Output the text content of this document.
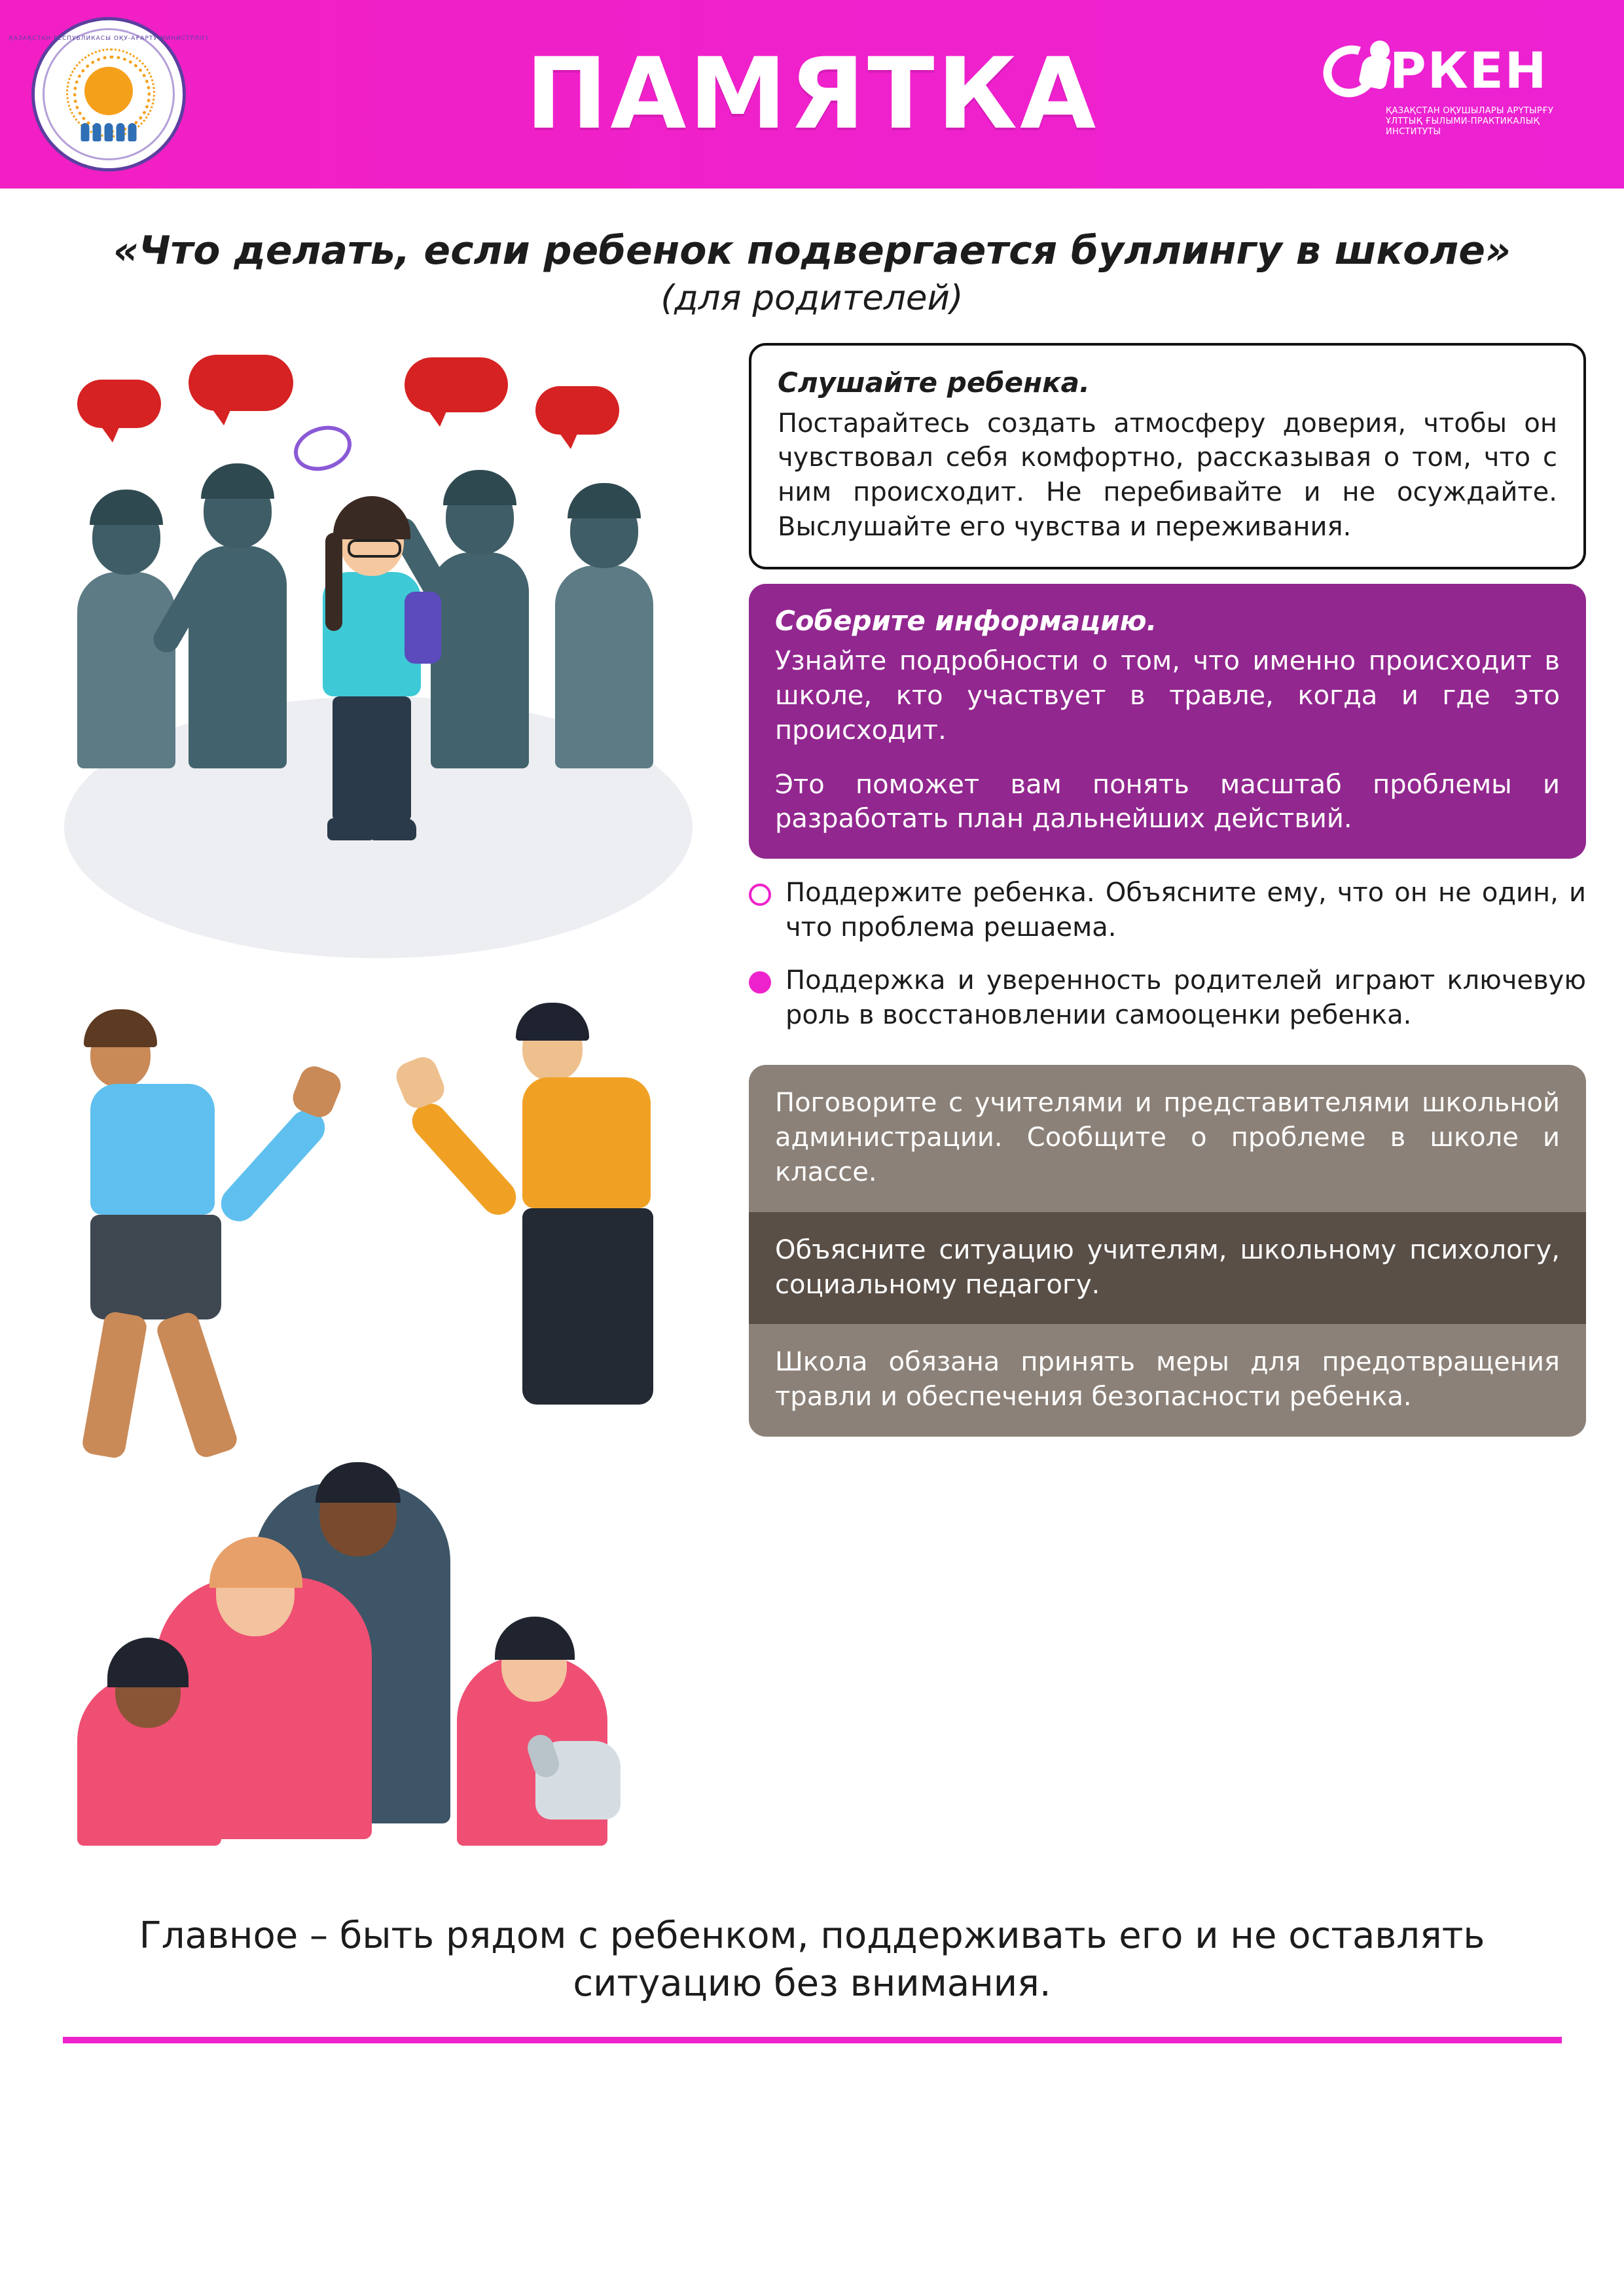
ҚАЗАҚСТАН РЕСПУБЛИКАСЫ ОҚУ-АҒАРТУ МИНИСТРЛІГІ	ПАМЯТКА	РКЕН
ҚАЗАҚСТАН ОҚУШЫЛАРЫ АРҮТЫРҒУ ҰЛТТЫҚ ҒЫЛЫМИ-ПРАКТИКАЛЫҚ ИНСТИТУТЫ
«Что делать, если ребенок подвергается буллингу в школе»
(для родителей)

Слушайте ребенка.

Постарайтесь создать атмосферу доверия, чтобы он чувствовал себя комфортно, рассказывая о том, что с ним происходит. Не перебивайте и не осуждайте. Выслушайте его чувства и переживания.

Соберите информацию.

Узнайте подробности о том, что именно происходит в школе, кто участвует в травле, когда и где это происходит.

Это поможет вам понять масштаб проблемы и разработать план дальнейших действий.

Поддержите ребенка. Объясните ему, что он не один, и что проблема решаема.
Поддержка и уверенность родителей играют ключевую роль в восстановлении самооценки ребенка.

Поговорите с учителями и представителями школьной администрации. Сообщите о проблеме в школе и классе.

Объясните ситуацию учителям, школьному психологу, социальному педагогу.

Школа обязана принять меры для предотвращения травли и обеспечения безопасности ребенка.

Главное – быть рядом с ребенком, поддерживать его и не оставлять ситуацию без внимания.
